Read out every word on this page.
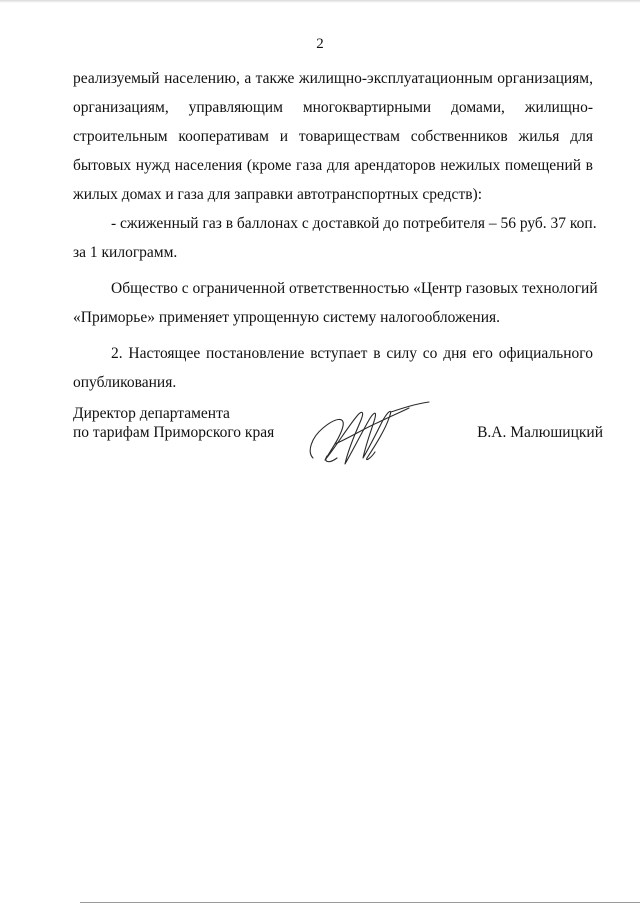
2

реализуемый населению, а также жилищно-эксплуатационным организациям,
организациям, управляющим многоквартирными домами, жилищно-
строительным кооперативам и товариществам собственников жилья для
бытовых нужд населения (кроме газа для арендаторов нежилых помещений в
жилых домах и газа для заправки автотранспортных средств):

- сжиженный газ в баллонах с доставкой до потребителя – 56 руб. 37 коп.
за 1 килограмм.

Общество с ограниченной ответственностью «Центр газовых технологий
«Приморье» применяет упрощенную систему налогообложения.

2. Настоящее постановление вступает в силу со дня его официального
опубликования.

Директор департамента
по тарифам Приморского края	В.А. Малюшицкий
